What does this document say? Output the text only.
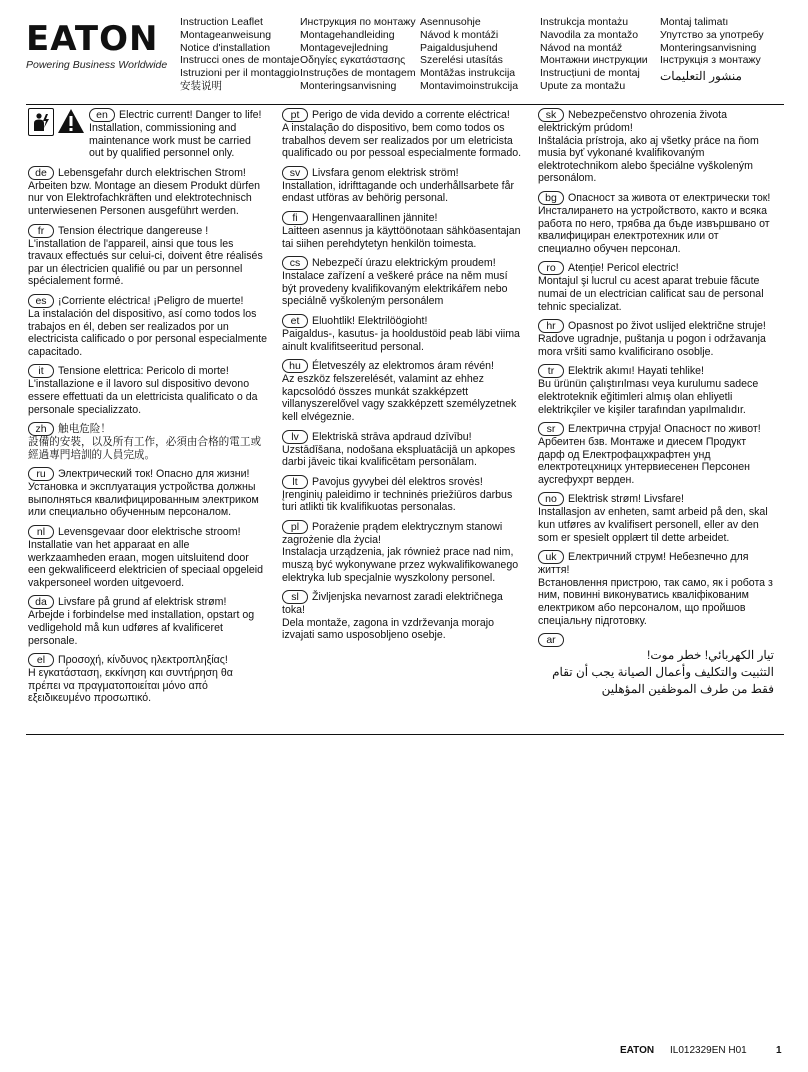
EATON
Powering Business Worldwide
Instruction Leaflet
Montageanweisung
Notice d'installation
Instrucci ones de montaje
Istruzioni per il montaggio
安装说明
Инструкция по монтажу
Montagehandleiding
Montagevejledning
Οδηγίες εγκατάστασης
Instruções de montagem
Monteringsanvisning
Asennusohje
Návod k montáži
Paigaldusjuhend
Szerelési utasítás
Montāžas instrukcija
Montavimoinstrukcija
Instrukcja montażu
Navodila za montažo
Návod na montáž
Монтажни инструкции
Instrucțiuni de montaj
Upute za montažu
Montaj talimatı
Упутство за употребу
Monteringsanvisning
Інструкція з монтажу
منشور التعليمات
en Electric current! Danger to life!
Installation, commissioning and maintenance work must be carried out by qualified personnel only.
de Lebensgefahr durch elektrischen Strom!
Arbeiten bzw. Montage an diesem Produkt dürfen nur von Elektrofachkräften und elektrotechnisch unterwiesenen Personen ausgeführt werden.
fr Tension électrique dangereuse !
L'installation de l'appareil, ainsi que tous les travaux effectués sur celui-ci, doivent être réalisés par un électricien qualifié ou par un personnel spécialement formé.
es ¡Corriente eléctrica! ¡Peligro de muerte!
La instalación del dispositivo, así como todos los trabajos en él, deben ser realizados por un electricista calificado o por personal especialmente capacitado.
it Tensione elettrica: Pericolo di morte!
L'installazione e il lavoro sul dispositivo devono essere effettuati da un elettricista qualificato o da personale specializzato.
zh 触电危险！
設備的安裝，以及所有工作，必須由合格的電工或經過專門培訓的人員完成。
ru Электрический ток! Опасно для жизни!
Установка и эксплуатация устройства должны выполняться квалифицированным электриком или специально обученным персоналом.
nl Levensgevaar door elektrische stroom!
Installatie van het apparaat en alle werkzaamheden eraan, mogen uitsluitend door een gekwalificeerd elektricien of speciaal opgeleid vakpersoneel worden uitgevoerd.
da Livsfare på grund af elektrisk strøm!
Arbejde i forbindelse med installation, opstart og vedligehold må kun udføres af kvalificeret personale.
el Προσοχή, κίνδυνος ηλεκτροπληξίας!
Η εγκατάσταση, εκκίνηση και συντήρηση θα πρέπει να πραγματοποιείται μόνο από εξειδικευμένο προσωπικό.
pt Perigo de vida devido a corrente eléctrica!
A instalação do dispositivo, bem como todos os trabalhos devem ser realizados por um eletricista qualificado ou por pessoal especialmente formado.
sv Livsfara genom elektrisk ström!
Installation, idrifttagande och underhållsarbete får endast utföras av behörig personal.
fi Hengenvaarallinen jännite!
Laitteen asennus ja käyttöönotaan sähköasentajan tai siihen perehdytetyn henkilön toimesta.
cs Nebezpečí úrazu elektrickým proudem!
Instalace zařízení a veškeré práce na něm musí být provedeny kvalifikovaným elektrikářem nebo speciálně vyškoleným personálem
et Eluohtlik! Elektrilöögioht!
Paigaldus-, kasutus- ja hooldustöid peab läbi viima ainult kvalifitseeritud personal.
hu Életveszély az elektromos áram révén!
Az eszköz felszerelését, valamint az ehhez kapcsolódó összes munkát szakképzett villanyszerelővel vagy szakképzett személyzetnek kell elvégeznie.
lv Elektriskā strāva apdraud dzīvību!
Uzstādīšana, nodošana ekspluatācijā un apkopes darbi jāveic tikai kvalificētam personālam.
lt Pavojus gyvybei dėl elektros srovės!
Įrenginių paleidimo ir techninės priežiūros darbus turi atlikti tik kvalifikuotas personalas.
pl Porażenie prądem elektrycznym stanowi zagrożenie dla życia!
Instalacja urządzenia, jak również prace nad nim, muszą być wykonywane przez wykwalifikowanego elektryka lub specjalnie wyszkolony personel.
sl Življenjska nevarnost zaradi električnega toka!
Dela montaže, zagona in vzdrževanja morajo izvajati samo usposobljeno osebje.
sk Nebezpečenstvo ohrozenia života elektrickým prúdom!
Inštalácia prístroja, ako aj všetky práce na ňom musia byť vykonané kvalifikovaným elektrotechnikom alebo špeciálne vyškoleným personálom.
bg Опасност за живота от електрически ток!
Инсталирането на устройството, както и всяка работа по него, трябва да бъде извършвано от квалифициран електротехник или от специално обучен персонал.
ro Atenție! Pericol electric!
Montajul şi lucrul cu acest aparat trebuie făcute numai de un electrician calificat sau de personal tehnic specializat.
hr Opasnost po život uslijed električne struje!
Radove ugradnje, puštanja u pogon i održavanja mora vršiti samo kvalificirano osoblje.
tr Elektrik akımı! Hayati tehlike!
Bu ürünün çalıştırılması veya kurulumu sadece elektroteknik eğitimleri almış olan ehliyetli elektrikçiler ve kişiler tarafından yapılmalıdır.
sr Електрична струја! Опасност по живот!
Арбеитен бзв. Монтаже и диесем Продукт дарф од Електрофацхкрафтен унд електротецхницх унтервиесенен Персонен аусгефухрт верден.
no Elektrisk strøm! Livsfare!
Installasjon av enheten, samt arbeid på den, skal kun utføres av kvalifisert personell, eller av den som er spesielt opplært til dette arbeidet.
uk Електричний струм! Небезпечно для життя!
Встановлення пристрою, так само, як і робота з ним, повинні виконуватись кваліфікованим електриком або персоналом, що пройшов спеціальну підготовку.
ar
تيار الكهربائي! خطر موت!
التثبيت والتكليف وأعمال الصيانة يجب أن تقام فقط من طرف الموظفين المؤهلين
EATON IL012329EN H01	1
